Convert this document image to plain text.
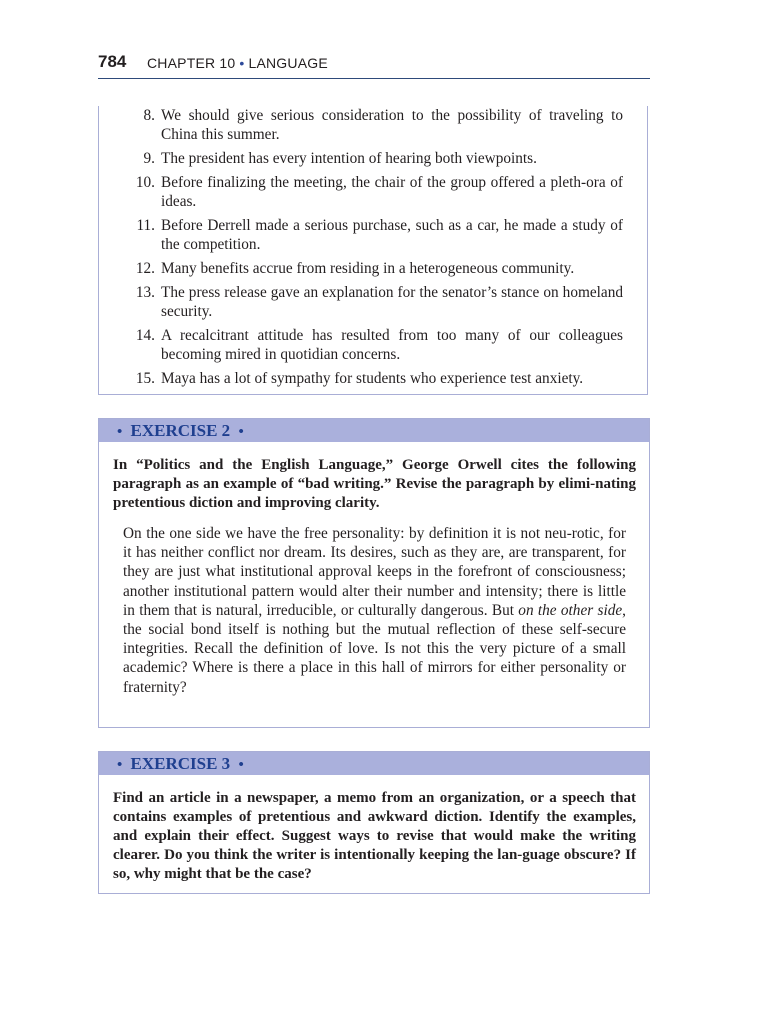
784 CHAPTER 10 • LANGUAGE
8. We should give serious consideration to the possibility of traveling to China this summer.
9. The president has every intention of hearing both viewpoints.
10. Before finalizing the meeting, the chair of the group offered a pleth-ora of ideas.
11. Before Derrell made a serious purchase, such as a car, he made a study of the competition.
12. Many benefits accrue from residing in a heterogeneous community.
13. The press release gave an explanation for the senator’s stance on homeland security.
14. A recalcitrant attitude has resulted from too many of our colleagues becoming mired in quotidian concerns.
15. Maya has a lot of sympathy for students who experience test anxiety.
• EXERCISE 2 •
In “Politics and the English Language,” George Orwell cites the following paragraph as an example of “bad writing.” Revise the paragraph by elimi-nating pretentious diction and improving clarity.
On the one side we have the free personality: by definition it is not neu-rotic, for it has neither conflict nor dream. Its desires, such as they are, are transparent, for they are just what institutional approval keeps in the forefront of consciousness; another institutional pattern would alter their number and intensity; there is little in them that is natural, irreducible, or culturally dangerous. But on the other side, the social bond itself is nothing but the mutual reflection of these self-secure integrities. Recall the definition of love. Is not this the very picture of a small academic? Where is there a place in this hall of mirrors for either personality or fraternity?
• EXERCISE 3 •
Find an article in a newspaper, a memo from an organization, or a speech that contains examples of pretentious and awkward diction. Identify the examples, and explain their effect. Suggest ways to revise that would make the writing clearer. Do you think the writer is intentionally keeping the lan-guage obscure? If so, why might that be the case?
